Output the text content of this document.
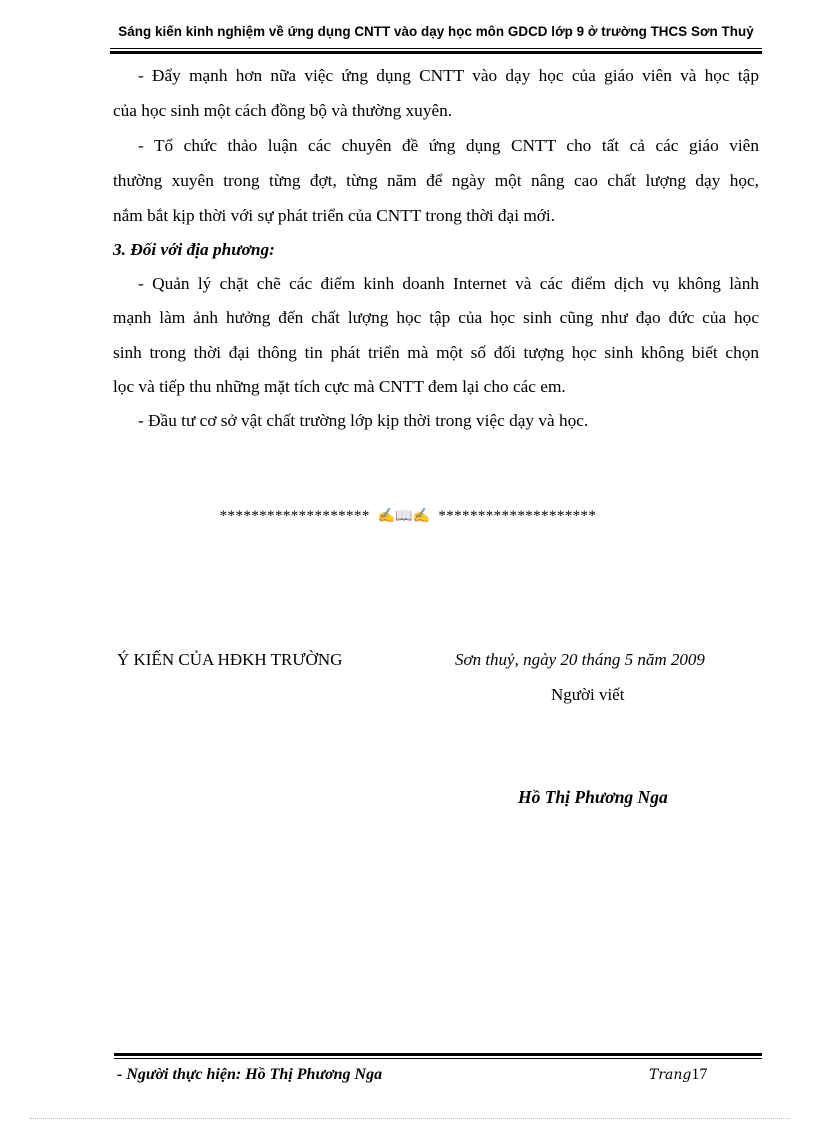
Sáng kiến kinh nghiệm về ứng dụng CNTT vào dạy học môn GDCD lớp 9 ở trường THCS Sơn Thuỷ
- Đẩy mạnh hơn nữa việc ứng dụng CNTT vào dạy học của giáo viên và học tập
của học sinh một cách đồng bộ và thường xuyên.
- Tổ chức thảo luận các chuyên đề ứng dụng CNTT cho tất cả các giáo viên
thường xuyên trong từng đợt, từng năm để ngày một nâng cao chất lượng dạy học,
nắm bắt kịp thời với sự phát triển của CNTT trong thời đại mới.
3. Đối với địa phương:
- Quản lý chặt chẽ các điểm kinh doanh Internet và các điểm dịch vụ không lành
mạnh làm ảnh hưởng đến chất lượng học tập của học sinh cũng như đạo đức của học
sinh trong thời đại thông tin phát triển mà một số đối tượng học sinh không biết chọn
lọc và tiếp thu những mặt tích cực mà CNTT đem lại cho các em.
- Đầu tư cơ sở vật chất trường lớp kịp thời trong việc dạy và học.
******************* ✍📖✍ ********************
Ý KIẾN CỦA HĐKH TRƯỜNG	Sơn thuỷ, ngày 20 tháng 5 năm 2009
Người viết
Hồ Thị Phương Nga
- Người thực hiện: Hồ Thị Phương Nga	Trang17
